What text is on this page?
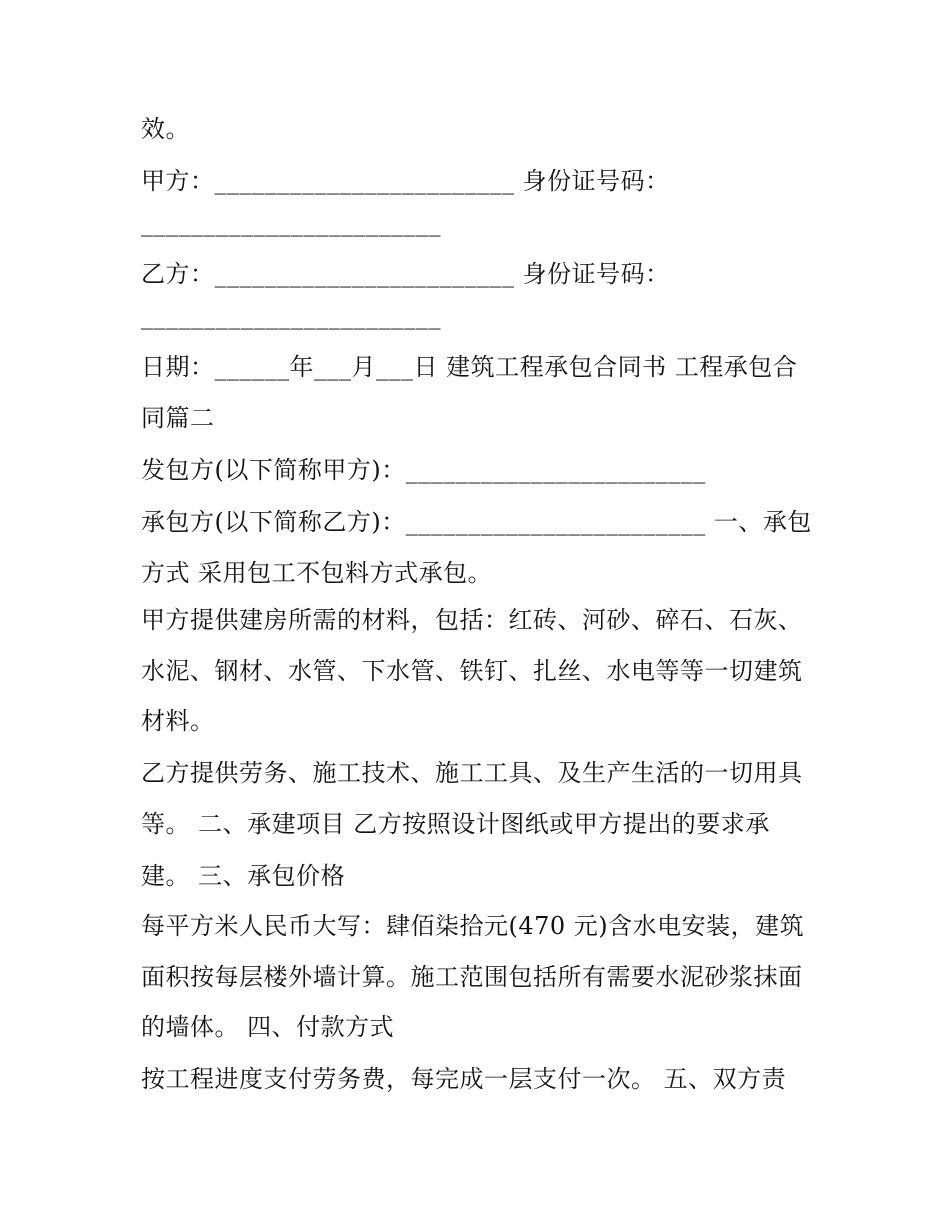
效。
甲方：________________________ 身份证号码：
________________________
乙方：________________________ 身份证号码：
________________________
日期：______年___月___日 建筑工程承包合同书 工程承包合
同篇二
发包方(以下简称甲方)：________________________
承包方(以下简称乙方)：________________________ 一、承包
方式 采用包工不包料方式承包。
甲方提供建房所需的材料，包括：红砖、河砂、碎石、石灰、
水泥、钢材、水管、下水管、铁钉、扎丝、水电等等一切建筑
材料。
乙方提供劳务、施工技术、施工工具、及生产生活的一切用具
等。 二、承建项目 乙方按照设计图纸或甲方提出的要求承
建。 三、承包价格
每平方米人民币大写：肆佰柒拾元(470 元)含水电安装，建筑
面积按每层楼外墙计算。施工范围包括所有需要水泥砂浆抹面
的墙体。 四、付款方式
按工程进度支付劳务费，每完成一层支付一次。 五、双方责
